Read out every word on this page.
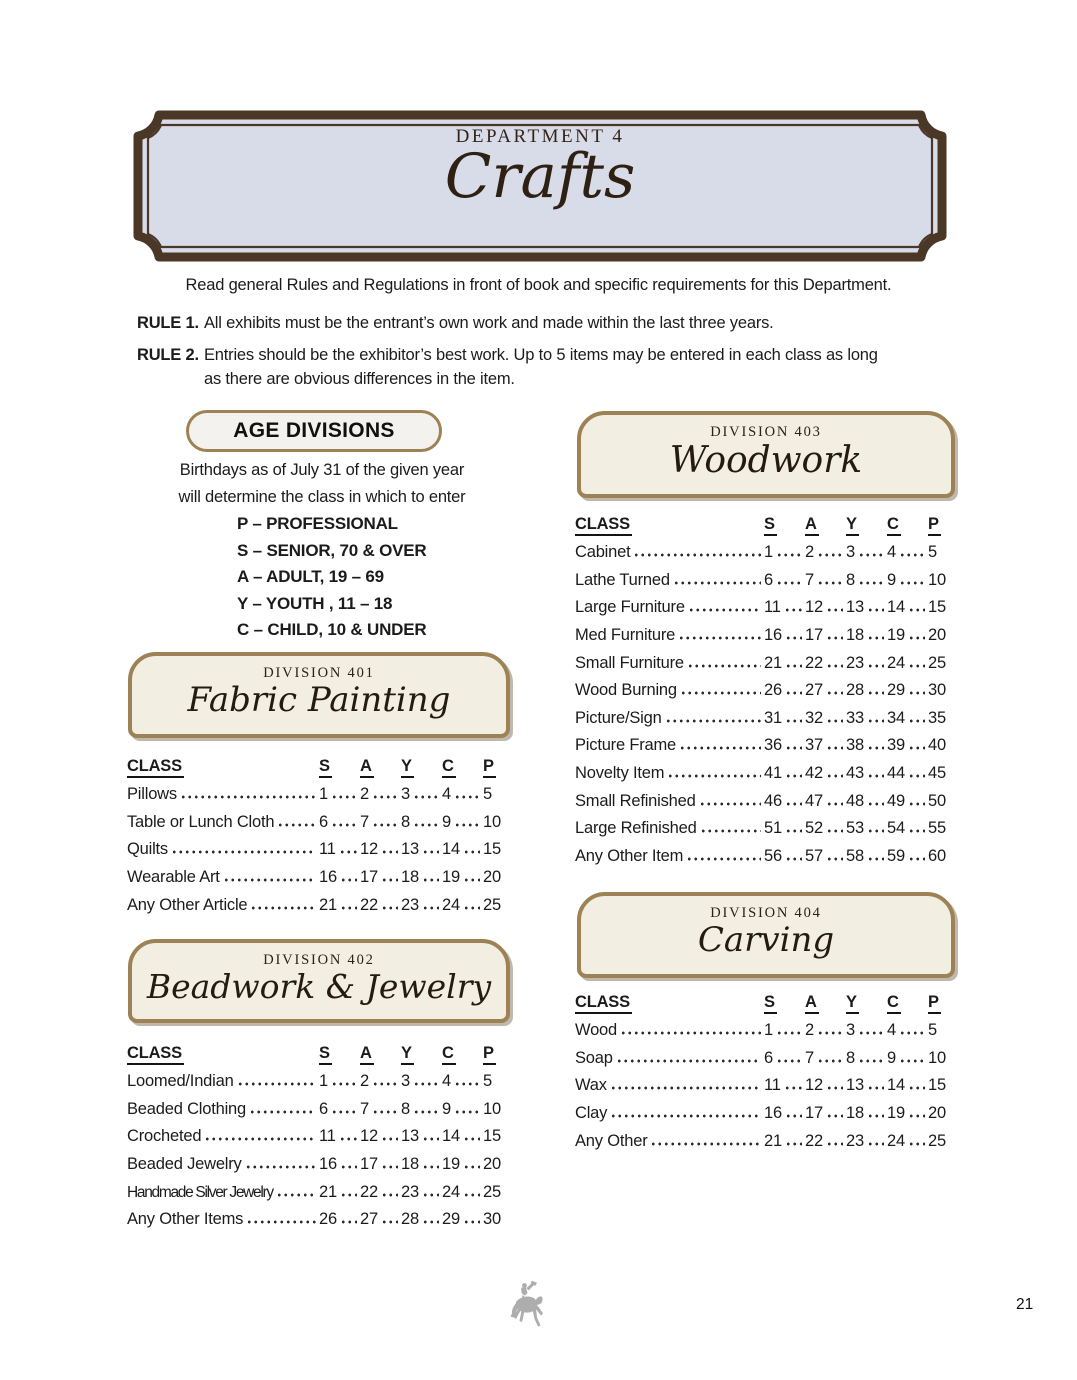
DEPARTMENT 4
Crafts
Read general Rules and Regulations in front of book and specific requirements for this Department.
RULE 1. All exhibits must be the entrant’s own work and made within the last three years.
RULE 2. Entries should be the exhibitor’s best work. Up to 5 items may be entered in each class as long
as there are obvious differences in the item.
AGE DIVISIONS
Birthdays as of July 31 of the given year
will determine the class in which to enter
P – PROFESSIONAL
S – SENIOR, 70 & OVER
A – ADULT, 19 – 69
Y – YOUTH , 11 – 18
C – CHILD, 10 & UNDER
DIVISION 401
Fabric Painting
CLASS	S A Y C P
Pillows	1 2 3 4 5
Table or Lunch Cloth	6 7 8 9 10
Quilts	11 12 13 14 15
Wearable Art	16 17 18 19 20
Any Other Article	21 22 23 24 25
DIVISION 402
Beadwork & Jewelry
CLASS	S A Y C P
Loomed/Indian	1 2 3 4 5
Beaded Clothing	6 7 8 9 10
Crocheted	11 12 13 14 15
Beaded Jewelry	16 17 18 19 20
Handmade Silver Jewelry	21 22 23 24 25
Any Other Items	26 27 28 29 30
DIVISION 403
Woodwork
CLASS	S A Y C P
Cabinet	1 2 3 4 5
Lathe Turned	6 7 8 9 10
Large Furniture	11 12 13 14 15
Med Furniture	16 17 18 19 20
Small Furniture	21 22 23 24 25
Wood Burning	26 27 28 29 30
Picture/Sign	31 32 33 34 35
Picture Frame	36 37 38 39 40
Novelty Item	41 42 43 44 45
Small Refinished	46 47 48 49 50
Large Refinished	51 52 53 54 55
Any Other Item	56 57 58 59 60
DIVISION 404
Carving
CLASS	S A Y C P
Wood	1 2 3 4 5
Soap	6 7 8 9 10
Wax	11 12 13 14 15
Clay	16 17 18 19 20
Any Other	21 22 23 24 25
21
